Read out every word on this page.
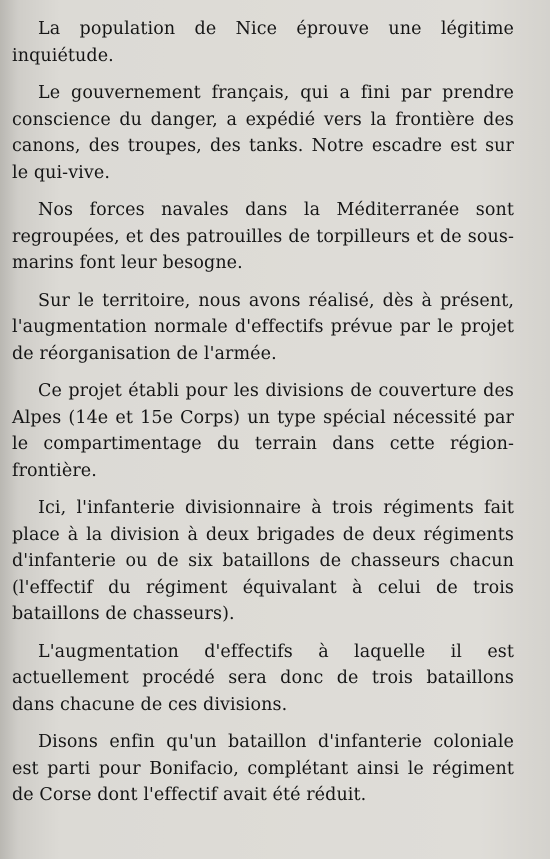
La population de Nice éprouve une légitime inquiétude.

Le gouvernement français, qui a fini par prendre conscience du danger, a expédié vers la frontière des canons, des troupes, des tanks. Notre escadre est sur le qui-vive.

Nos forces navales dans la Méditerranée sont regroupées, et des patrouilles de torpilleurs et de sous-marins font leur besogne.

Sur le territoire, nous avons réalisé, dès à présent, l'augmentation normale d'effectifs prévue par le projet de réorganisation de l'armée.

Ce projet établi pour les divisions de couverture des Alpes (14e et 15e Corps) un type spécial nécessité par le compartimentage du terrain dans cette région-frontière.

Ici, l'infanterie divisionnaire à trois régiments fait place à la division à deux brigades de deux régiments d'infanterie ou de six bataillons de chasseurs chacun (l'effectif du régiment équivalant à celui de trois bataillons de chasseurs).

L'augmentation d'effectifs à laquelle il est actuellement procédé sera donc de trois bataillons dans chacune de ces divisions.

Disons enfin qu'un bataillon d'infanterie coloniale est parti pour Bonifacio, complétant ainsi le régiment de Corse dont l'effectif avait été réduit.
